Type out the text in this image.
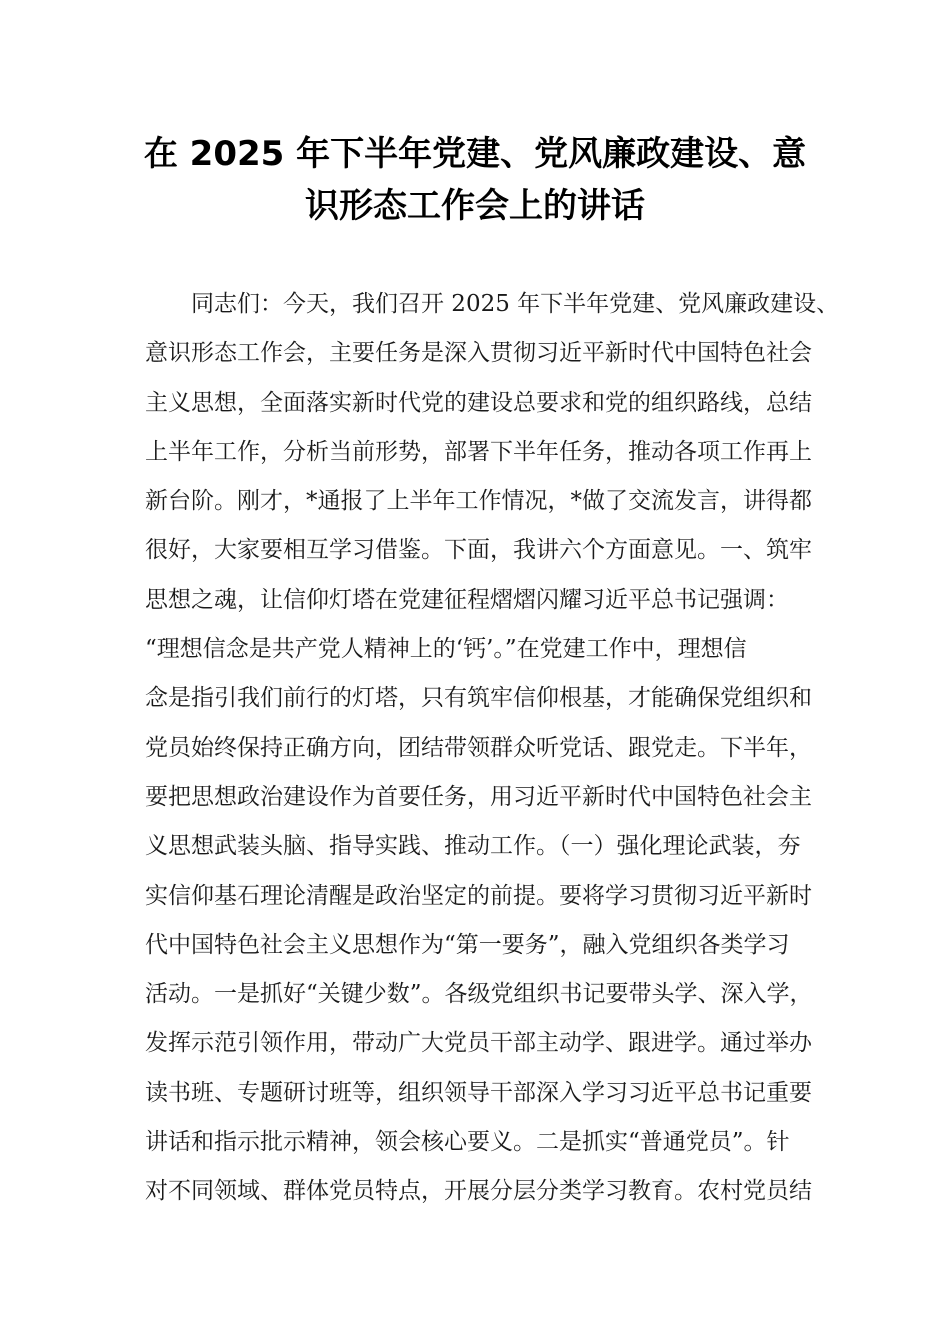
在 2025 年下半年党建、党风廉政建设、意
识形态工作会上的讲话
同志们：今天，我们召开 2025 年下半年党建、党风廉政建设、
意识形态工作会，主要任务是深入贯彻习近平新时代中国特色社会
主义思想，全面落实新时代党的建设总要求和党的组织路线，总结
上半年工作，分析当前形势，部署下半年任务，推动各项工作再上
新台阶。刚才，*通报了上半年工作情况，*做了交流发言，讲得都
很好，大家要相互学习借鉴。下面，我讲六个方面意见。一、筑牢
思想之魂，让信仰灯塔在党建征程熠熠闪耀习近平总书记强调：
“理想信念是共产党人精神上的‘钙’。”在党建工作中，理想信
念是指引我们前行的灯塔，只有筑牢信仰根基，才能确保党组织和
党员始终保持正确方向，团结带领群众听党话、跟党走。下半年，
要把思想政治建设作为首要任务，用习近平新时代中国特色社会主
义思想武装头脑、指导实践、推动工作。（一）强化理论武装，夯
实信仰基石理论清醒是政治坚定的前提。要将学习贯彻习近平新时
代中国特色社会主义思想作为“第一要务”，融入党组织各类学习
活动。一是抓好“关键少数”。各级党组织书记要带头学、深入学，
发挥示范引领作用，带动广大党员干部主动学、跟进学。通过举办
读书班、专题研讨班等，组织领导干部深入学习习近平总书记重要
讲话和指示批示精神，领会核心要义。二是抓实“普通党员”。针
对不同领域、群体党员特点，开展分层分类学习教育。农村党员结
